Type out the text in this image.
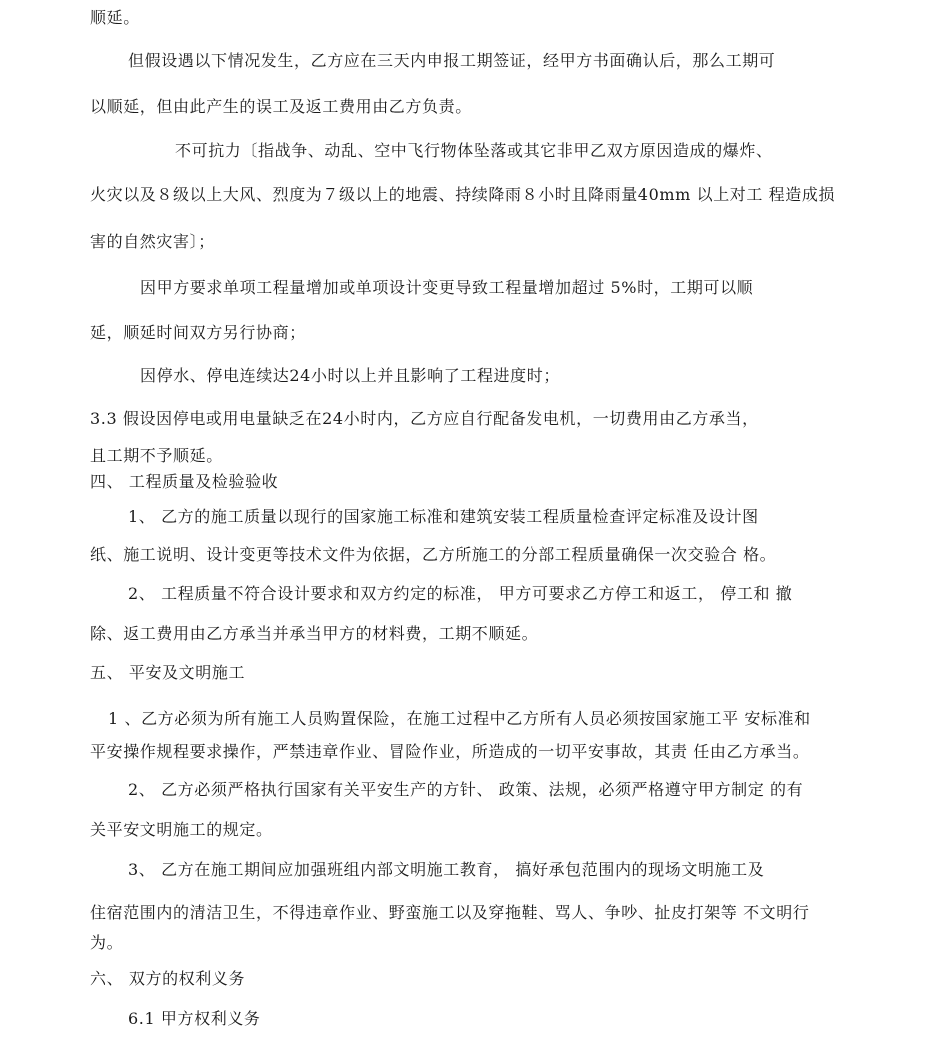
顺延。
但假设遇以下情况发生，乙方应在三天内申报工期签证，经甲方书面确认后，那么工期可
以顺延，但由此产生的误工及返工费用由乙方负责。
不可抗力〔指战争、动乱、空中飞行物体坠落或其它非甲乙双方原因造成的爆炸、
火灾以及８级以上大风、烈度为７级以上的地震、持续降雨８小时且降雨量40mm 以上对工 程造成损
害的自然灾害〕；
因甲方要求单项工程量增加或单项设计变更导致工程量增加超过 5%时，工期可以顺
延，顺延时间双方另行协商；
因停水、停电连续达24小时以上并且影响了工程进度时；
3.3 假设因停电或用电量缺乏在24小时内，乙方应自行配备发电机，一切费用由乙方承当，
且工期不予顺延。
四、 工程质量及检验验收
1、 乙方的施工质量以现行的国家施工标准和建筑安装工程质量检查评定标准及设计图
纸、施工说明、设计变更等技术文件为依据，乙方所施工的分部工程质量确保一次交验合 格。
2、 工程质量不符合设计要求和双方约定的标准， 甲方可要求乙方停工和返工， 停工和 撤
除、返工费用由乙方承当并承当甲方的材料费，工期不顺延。
五、 平安及文明施工
1 、乙方必须为所有施工人员购置保险，在施工过程中乙方所有人员必须按国家施工平 安标准和
平安操作规程要求操作，严禁违章作业、冒险作业，所造成的一切平安事故，其责 任由乙方承当。
2、 乙方必须严格执行国家有关平安生产的方针、 政策、法规，必须严格遵守甲方制定 的有
关平安文明施工的规定。
3、 乙方在施工期间应加强班组内部文明施工教育， 搞好承包范围内的现场文明施工及
住宿范围内的清洁卫生，不得违章作业、野蛮施工以及穿拖鞋、骂人、争吵、扯皮打架等 不文明行
为。
六、 双方的权利义务
6.1 甲方权利义务
